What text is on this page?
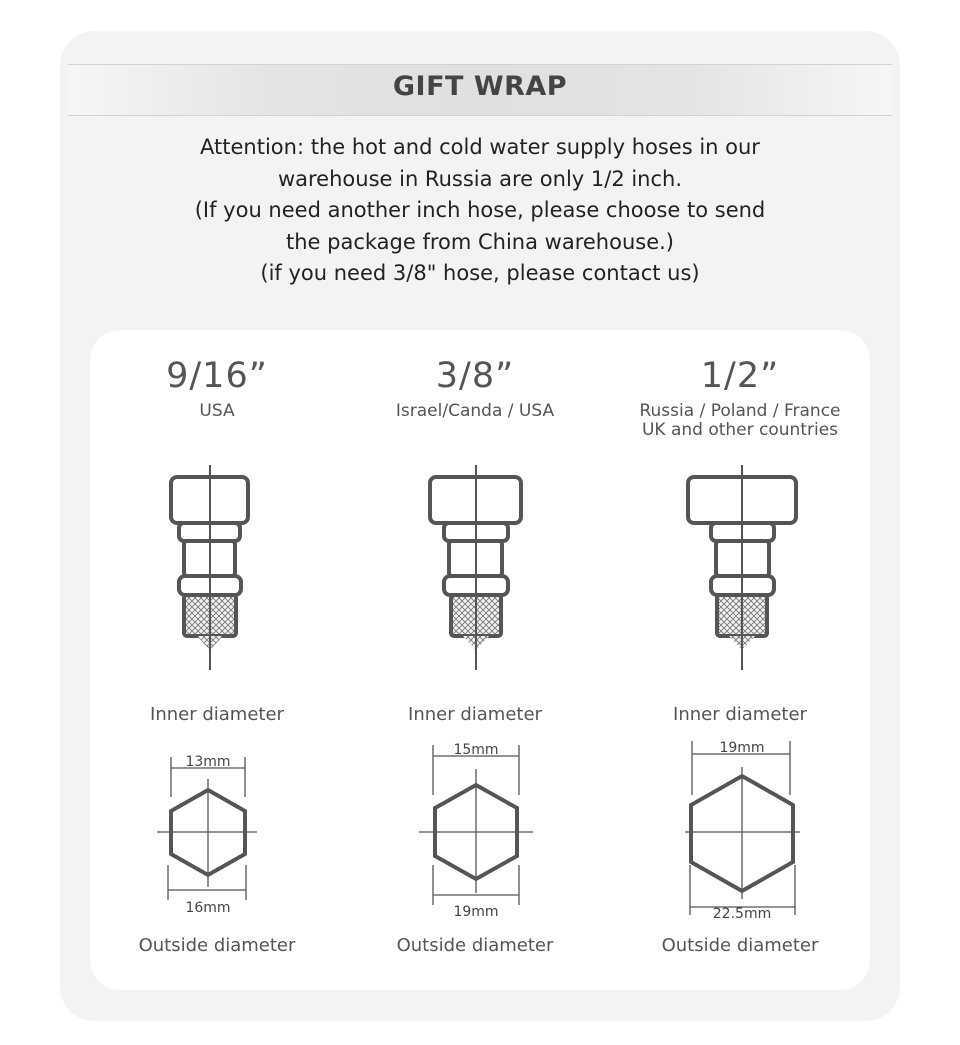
GIFT WRAP
Attention: the hot and cold water supply hoses in our
warehouse in Russia are only 1/2 inch.
(If you need another inch hose, please choose to send
the package from China warehouse.)
(if you need 3/8" hose, please contact us)
9/16”
USA
Inner diameter
13mm
16mm
Outside diameter
3/8”
Israel/Canda / USA
Inner diameter
15mm
19mm
Outside diameter
1/2”
Russia / Poland / France
UK and other countries
Inner diameter
19mm
22.5mm
Outside diameter
